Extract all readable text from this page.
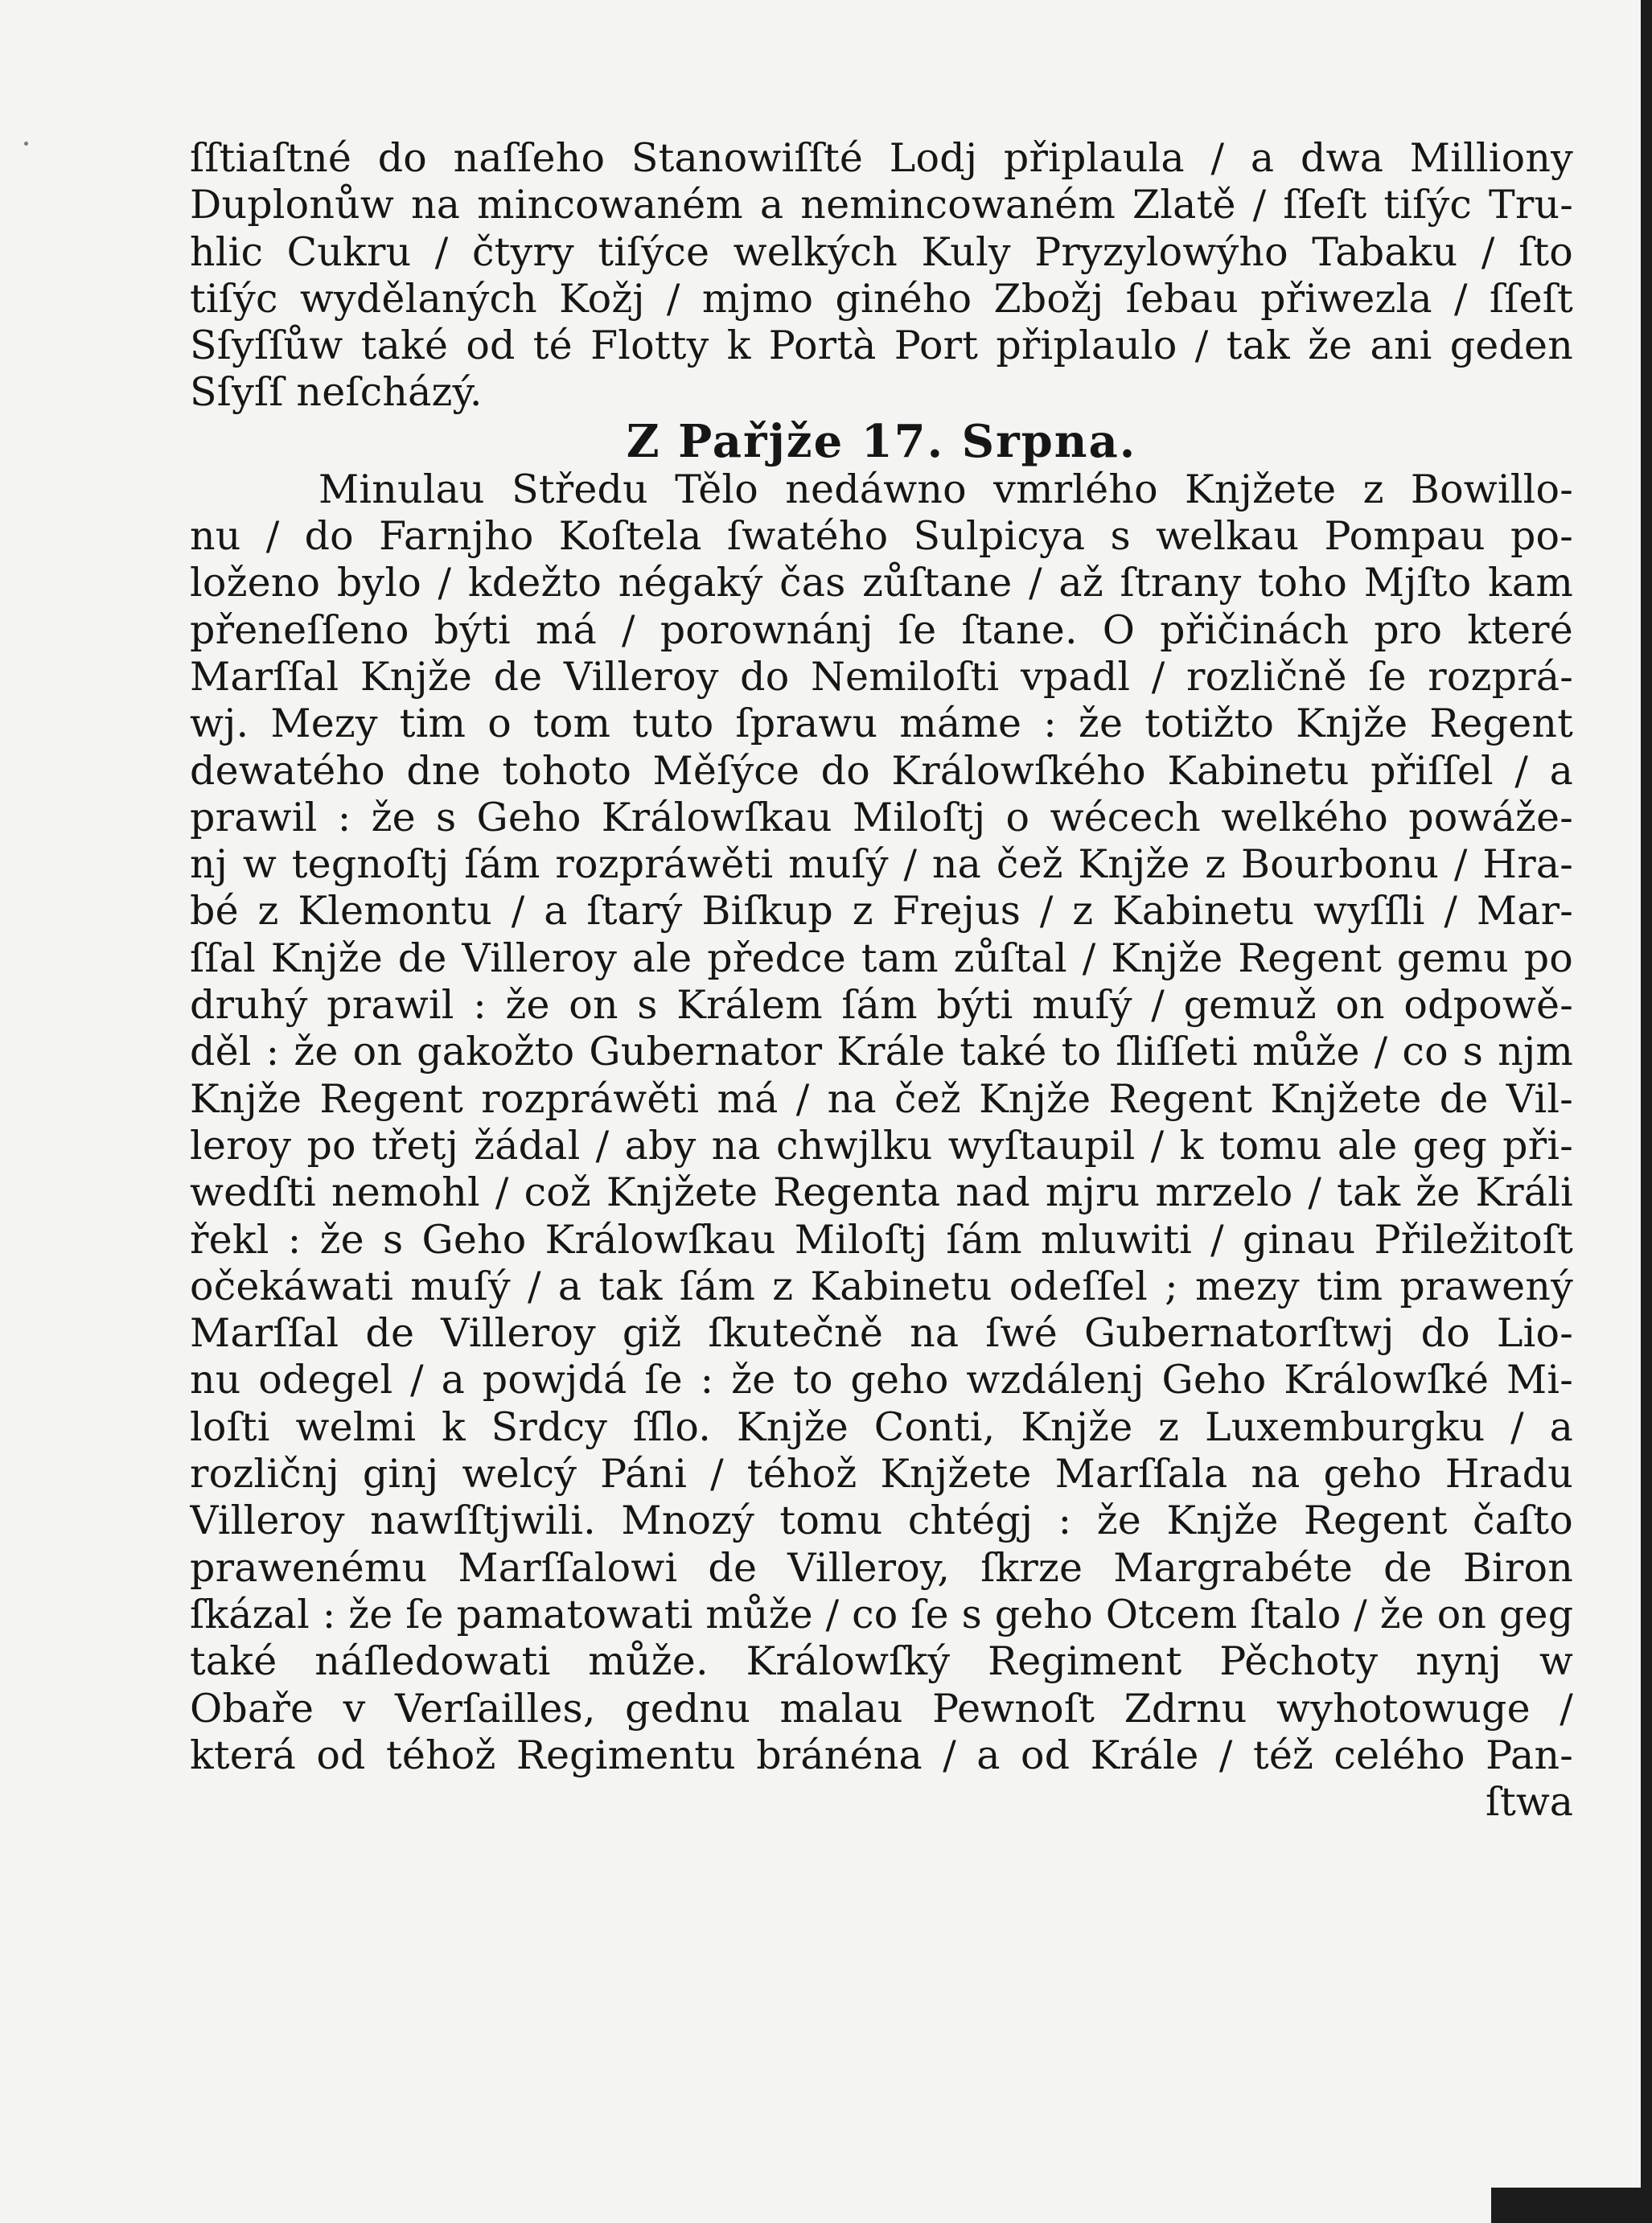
ſſtiaſtné do naſſeho Stanowiſſté Lodj připlaula / a dwa Milliony
Duplonůw na mincowaném a nemincowaném Zlatě / ſſeſt tiſýc Tru-
hlic Cukru / čtyry tiſýce welkých Kuly Pryzylowýho Tabaku / ſto
tiſýc wydělaných Kožj / mjmo giného Zbožj ſebau přiwezla / ſſeſt
Sſyſſůw také od té Flotty k Portà Port připlaulo / tak že ani geden
Sſyſſ neſcházý.
Z Pařjže 17. Srpna.
Minulau Středu Tělo nedáwno vmrlého Knjžete z Bowillo-
nu / do Farnjho Koſtela ſwatého Sulpicya s welkau Pompau po-
loženo bylo / kdežto négaký čas zůſtane / až ſtrany toho Mjſto kam
přeneſſeno býti má / porownánj ſe ſtane. O přičinách pro které
Marſſal Knjže de Villeroy do Nemiloſti vpadl / rozličně ſe rozprá-
wj. Mezy tim o tom tuto ſprawu máme : že totižto Knjže Regent
dewatého dne tohoto Měſýce do Králowſkého Kabinetu přiſſel / a
prawil : že s Geho Králowſkau Miloſtj o wécech welkého powáže-
nj w tegnoſtj ſám rozpráwěti muſý / na čež Knjže z Bourbonu / Hra-
bé z Klemontu / a ſtarý Biſkup z Frejus / z Kabinetu wyſſli / Mar-
ſſal Knjže de Villeroy ale předce tam zůſtal / Knjže Regent gemu po
druhý prawil : že on s Králem ſám býti muſý / gemuž on odpowě-
děl : že on gakožto Gubernator Krále také to ſliſſeti může / co s njm
Knjže Regent rozpráwěti má / na čež Knjže Regent Knjžete de Vil-
leroy po třetj žádal / aby na chwjlku wyſtaupil / k tomu ale geg při-
wedſti nemohl / což Knjžete Regenta nad mjru mrzelo / tak že Králi
řekl : že s Geho Králowſkau Miloſtj ſám mluwiti / ginau Přiležitoſt
očekáwati muſý / a tak ſám z Kabinetu odeſſel ; mezy tim prawený
Marſſal de Villeroy giž ſkutečně na ſwé Gubernatorſtwj do Lio-
nu odegel / a powjdá ſe : že to geho wzdálenj Geho Králowſké Mi-
loſti welmi k Srdcy ſſlo. Knjže Conti, Knjže z Luxemburgku / a
rozličnj ginj welcý Páni / téhož Knjžete Marſſala na geho Hradu
Villeroy nawſſtjwili. Mnozý tomu chtégj : že Knjže Regent čaſto
prawenému Marſſalowi de Villeroy, ſkrze Margrabéte de Biron
ſkázal : že ſe pamatowati může / co ſe s geho Otcem ſtalo / že on geg
také náſledowati může. Králowſký Regiment Pěchoty nynj w
Obaře v Verſailles, gednu malau Pewnoſt Zdrnu wyhotowuge /
která od téhož Regimentu bránéna / a od Krále / též celého Pan-
ſtwa
